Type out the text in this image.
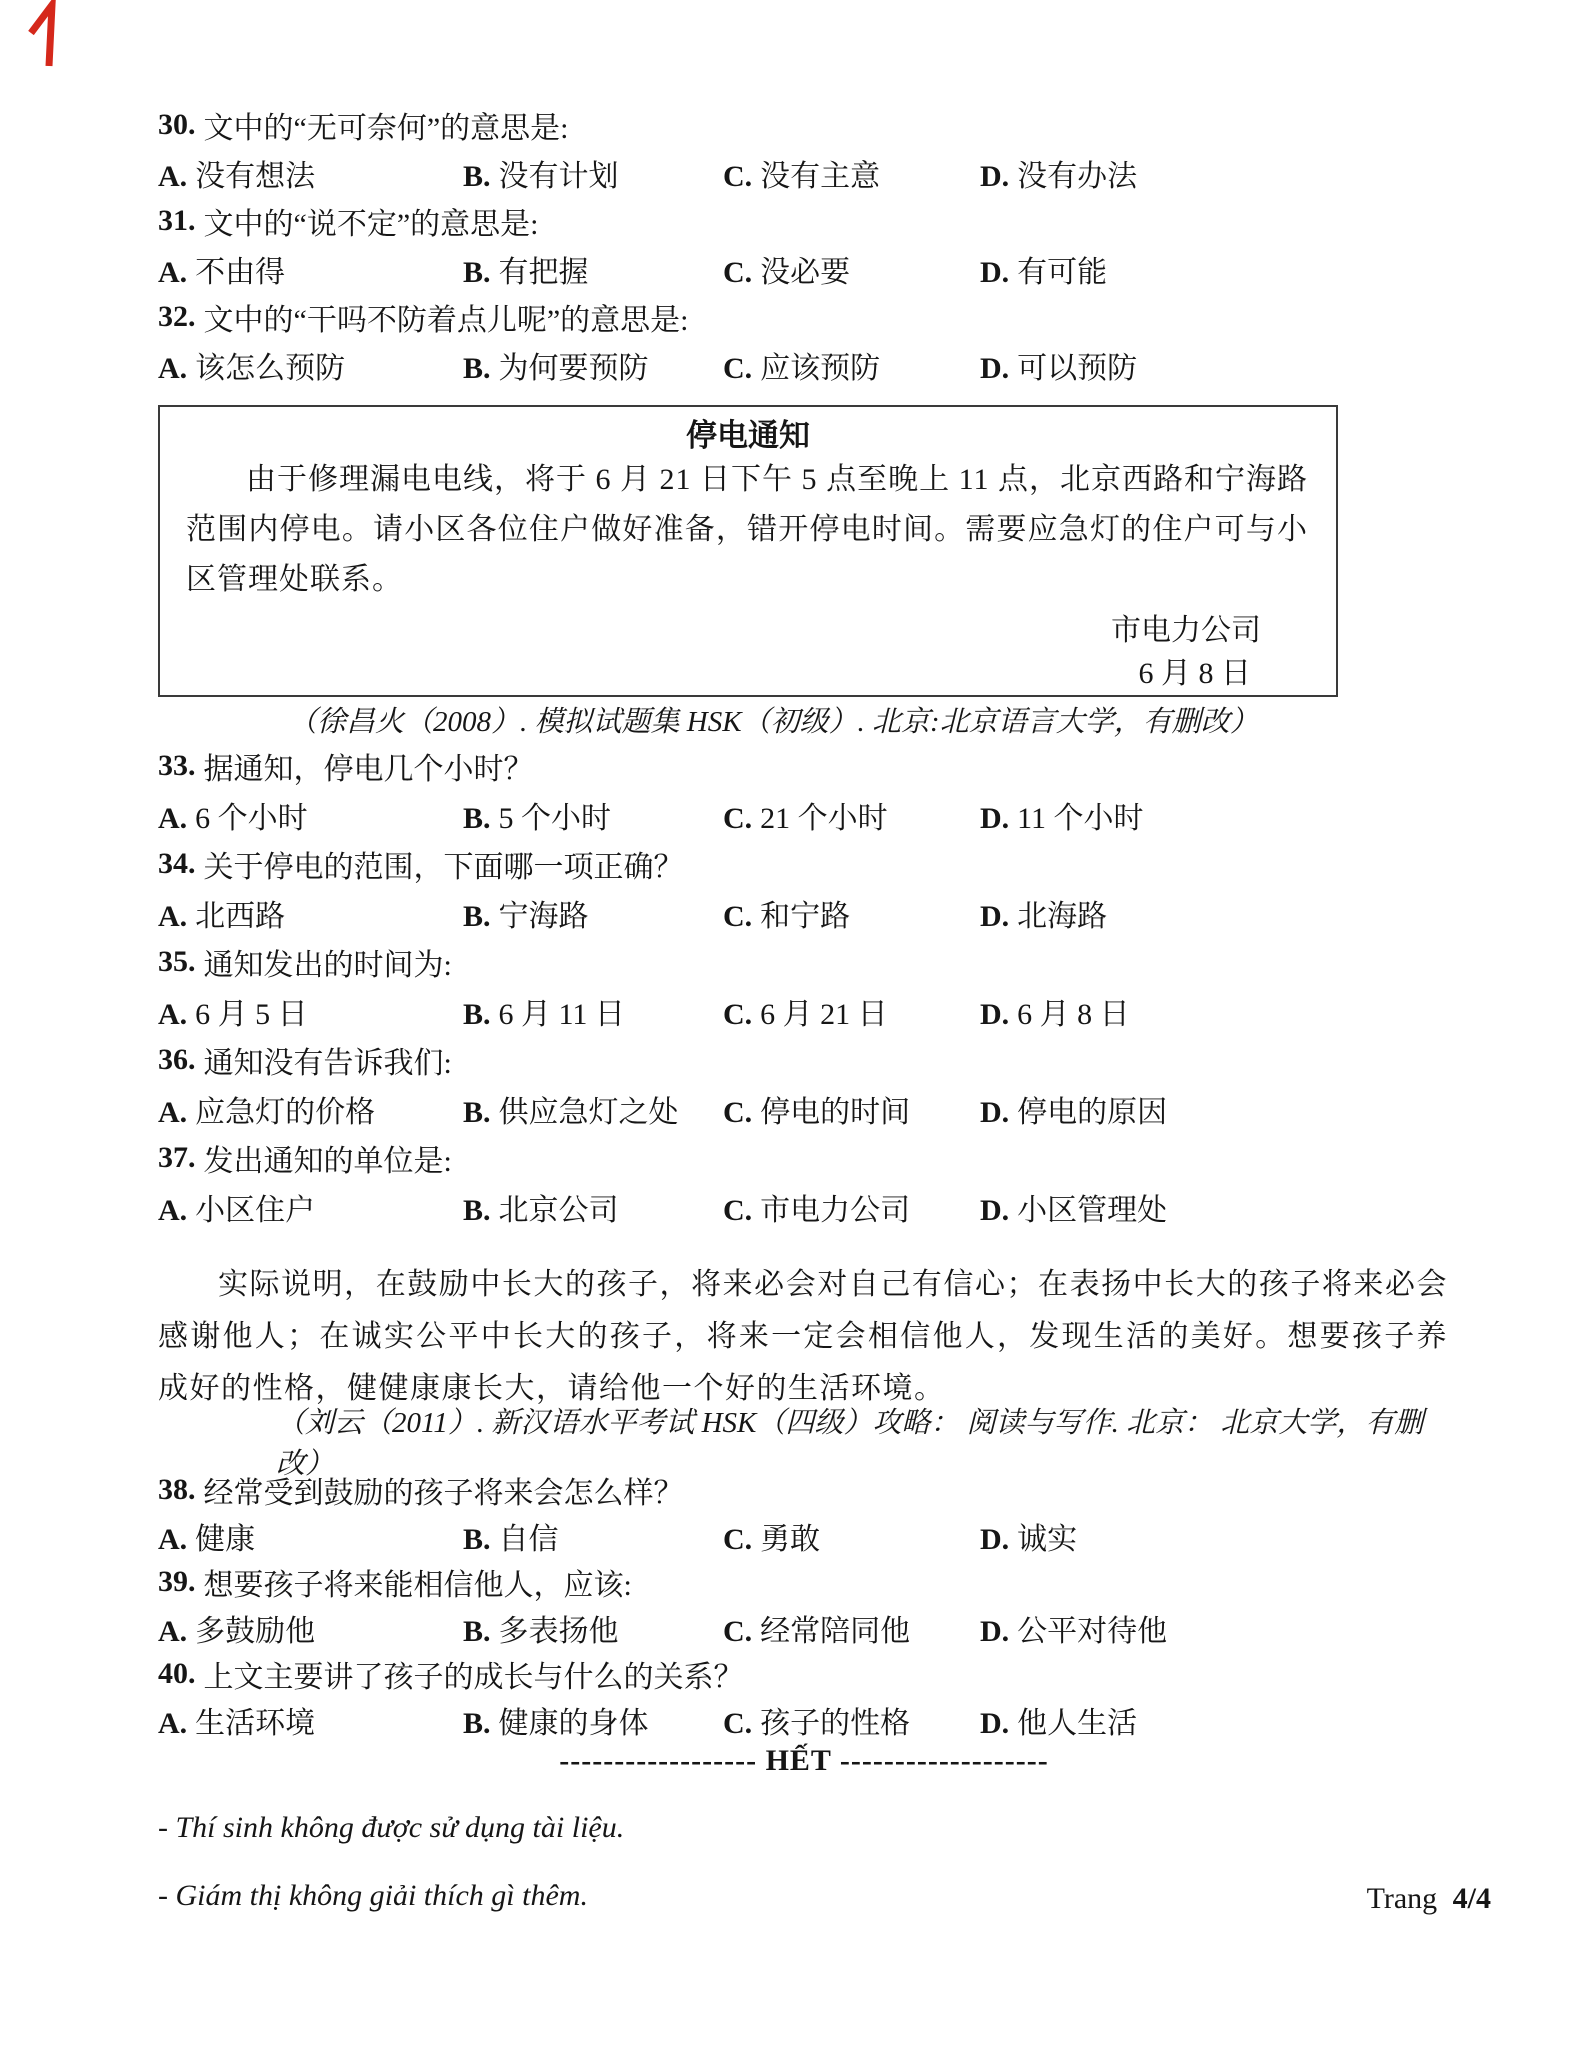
30. 文中的“无可奈何”的意思是:
A. 没有想法	B. 没有计划	C. 没有主意	D. 没有办法
31. 文中的“说不定”的意思是:
A. 不由得	B. 有把握	C. 没必要	D. 有可能
32. 文中的“干吗不防着点儿呢”的意思是:
A. 该怎么预防	B. 为何要预防	C. 应该预防	D. 可以预防
停电通知

由于修理漏电电线，将于 6 月 21 日下午 5 点至晚上 11 点，北京西路和宁海路范围内停电。请小区各位住户做好准备，错开停电时间。需要应急灯的住户可与小区管理处联系。

市电力公司
6 月 8 日
（徐昌火（2008）. 模拟试题集 HSK（初级）. 北京:北京语言大学，有删改）
33. 据通知，停电几个小时？
A. 6 个小时	B. 5 个小时	C. 21 个小时	D. 11 个小时
34. 关于停电的范围，下面哪一项正确？
A. 北西路	B. 宁海路	C. 和宁路	D. 北海路
35. 通知发出的时间为:
A. 6 月 5 日	B. 6 月 11 日	C. 6 月 21 日	D. 6 月 8 日
36. 通知没有告诉我们:
A. 应急灯的价格	B. 供应急灯之处	C. 停电的时间	D. 停电的原因
37. 发出通知的单位是:
A. 小区住户	B. 北京公司	C. 市电力公司	D. 小区管理处

实际说明，在鼓励中长大的孩子，将来必会对自己有信心；在表扬中长大的孩子将来必会感谢他人；在诚实公平中长大的孩子，将来一定会相信他人，发现生活的美好。想要孩子养成好的性格，健健康康长大，请给他一个好的生活环境。

（刘云（2011）. 新汉语水平考试 HSK（四级）攻略： 阅读与写作. 北京： 北京大学，有删改）
38. 经常受到鼓励的孩子将来会怎么样？
A. 健康	B. 自信	C. 勇敢	D. 诚实
39. 想要孩子将来能相信他人，应该:
A. 多鼓励他	B. 多表扬他	C. 经常陪同他	D. 公平对待他
40. 上文主要讲了孩子的成长与什么的关系？
A. 生活环境	B. 健康的身体	C. 孩子的性格	D. 他人生活
------------------ HẾT -------------------

- Thí sinh không được sử dụng tài liệu.

- Giám thị không giải thích gì thêm.	Trang 4/4
